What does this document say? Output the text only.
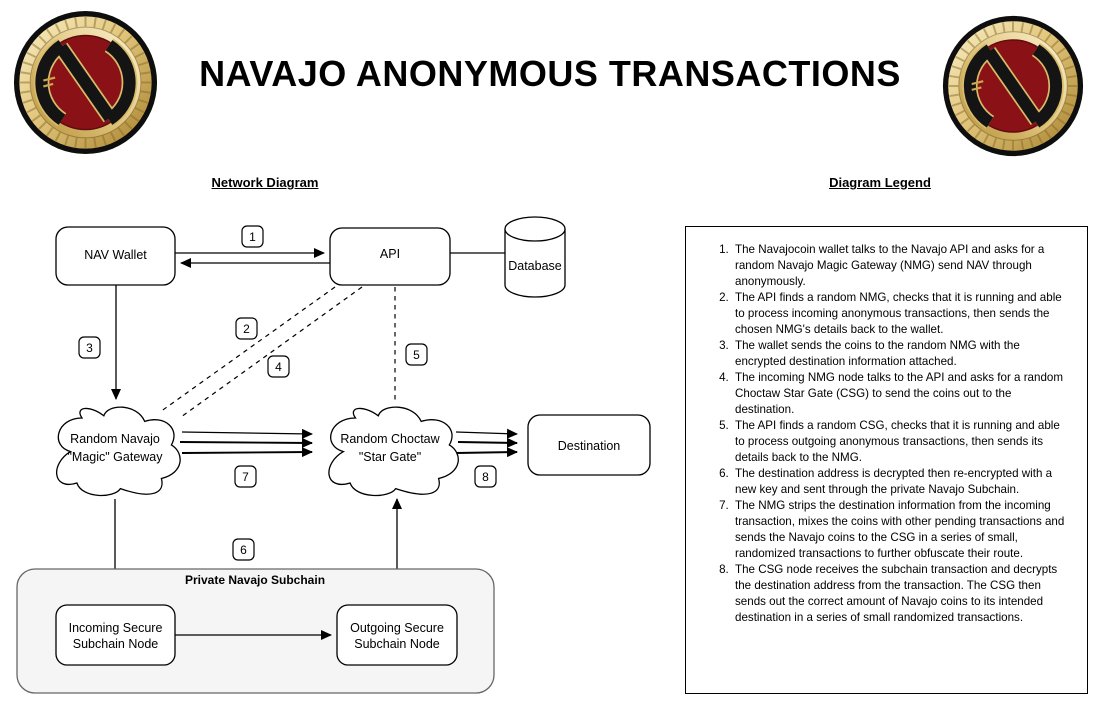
NAVAJO ANONYMOUS TRANSACTIONS
Network Diagram	Diagram Legend
Private Navajo Subchain
Incoming Secure
Subchain Node
Outgoing Secure
Subchain Node
NAV Wallet	API
Database
Random Navajo
"Magic" Gateway
Random Choctaw
"Star Gate"
Destination
1
2
3
4
5
6
7	8
1. The Navajocoin wallet talks to the Navajo API and asks for a random Navajo Magic Gateway (NMG) send NAV through anonymously.
2. The API finds a random NMG, checks that it is running and able to process incoming anonymous transactions, then sends the chosen NMG's details back to the wallet.
3. The wallet sends the coins to the random NMG with the encrypted destination information attached.
4. The incoming NMG node talks to the API and asks for a random Choctaw Star Gate (CSG) to send the coins out to the destination.
5. The API finds a random CSG, checks that it is running and able to process outgoing anonymous transactions, then sends its details back to the NMG.
6. The destination address is decrypted then re-encrypted with a new key and sent through the private Navajo Subchain.
7. The NMG strips the destination information from the incoming transaction, mixes the coins with other pending transactions and sends the Navajo coins to the CSG in a series of small, randomized transactions to further obfuscate their route.
8. The CSG node receives the subchain transaction and decrypts the destination address from the transaction. The CSG then sends out the correct amount of Navajo coins to its intended destination in a series of small randomized transactions.
